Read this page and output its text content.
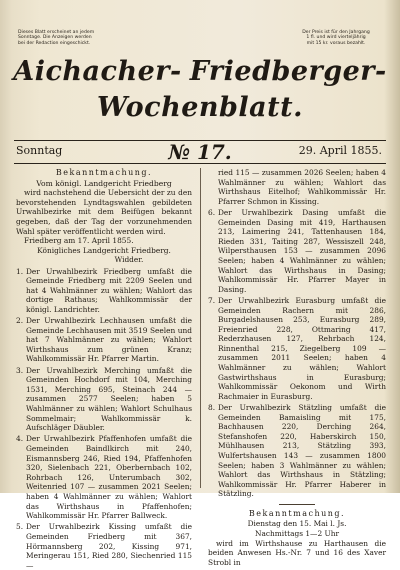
Dieses Blatt erscheinet an jedem
Sonntage. Die Anzeigen werden
bei der Redaction eingeschickt.
Der Preis ist für den Jahrgang
1 fl. und wird vierteljährig
mit 15 kr. voraus bezahlt.
Aichacher- Friedberger-
Wochenblatt.
Sonntag	№ 17.	29. April 1855.
Bekanntmachung.
Vom königl. Landgericht Friedberg
wird nachstehend die Uebersicht der zu den bevorstehenden Lyndtagswahlen gebildeten Urwahlbezirke mit dem Beifügen bekannt gegeben, daß der Tag der vorzunehmenden Wahl später veröffentlicht werden wird.
Friedberg am 17. April 1855.
Königliches Landgericht Friedberg.
Widder.
1. Der Urwahlbezirk Friedberg umfaßt die Gemeinde Friedberg mit 2209 Seelen und hat 4 Wahlmänner zu wählen; Wahlort das dortige Rathaus; Wahlkommissär der königl. Landrichter.
2. Der Urwahlbezirk Lechhausen umfaßt die Gemeinde Lechhausen mit 3519 Seelen und hat 7 Wahlmänner zu wählen; Wahlort Wirthshaus zum grünen Kranz; Wahlkommissär Hr. Pfarrer Martin.
3. Der Urwahlbezirk Merching umfaßt die Gemeinden Hochdorf mit 104, Merching 1531, Merching 695, Steinach 244 — zusammen 2577 Seelen; haben 5 Wahlmänner zu wählen; Wahlort Schulhaus Sommelmair; Wahlkommissär k. Aufschläger Däubler.
4. Der Urwahlbezirk Pfaffenhofen umfaßt die Gemeinden Baindlkirch mit 240, Eismannsberg 246, Ried 194, Pfaffenhofen 320, Sielenbach 221, Oberbernbach 102, Rohrbach 126, Unterumbach 302, Weitenried 107 — zusammen 2021 Seelen; haben 4 Wahlmänner zu wählen; Wahlort das Wirthshaus in Pfaffenhofen; Wahlkommissär Hr. Pfarrer Ballweck.
5. Der Urwahlbezirk Kissing umfaßt die Gemeinden Friedberg mit 367, Hörmannsberg 202, Kissing 971, Meringerau 151, Ried 280, Siechenried 115 —
ried 115 — zusammen 2026 Seelen; haben 4 Wahlmänner zu wählen; Wahlort das Wirthshaus Eitelhof; Wahlkommissär Hr. Pfarrer Schmon in Kissing.
6. Der Urwahlbezirk Dasing umfaßt die Gemeinden Dasing mit 419, Harthausen 213, Laimering 241, Tattenhausen 184, Rieden 331, Taiting 287, Wessiszell 248, Wilpersthausen 153 — zusammen 2096 Seelen; haben 4 Wahlmänner zu wählen; Wahlort das Wirthshaus in Dasing; Wahlkommissär Hr. Pfarrer Mayer in Dasing.
7. Der Urwahlbezirk Eurasburg umfaßt die Gemeinden Rachern mit 286, Burgadelshausen 253, Eurasburg 289, Freienried 228, Ottmaring 417, Rederzhausen 127, Rehrbach 124, Rinnenthal 215, Ziegelberg 109 — zusammen 2011 Seelen; haben 4 Wahlmänner zu wählen; Wahlort Gastwirthshaus in Eurasburg; Wahlkommissär Oekonom und Wirth Rachmaier in Eurasburg.
8. Der Urwahlbezirk Stätzling umfaßt die Gemeinden Bamaisling mit 175, Bachhausen 220, Derching 264, Stefanshofen 220, Haberskirch 150, Mühlhausen 213, Stätzling 393, Wulfertshausen 143 — zusammen 1800 Seelen; haben 3 Wahlmänner zu wählen; Wahlort das Wirthshaus in Stätzling; Wahlkommissär Hr. Pfarrer Haberer in Stätzling.
Bekanntmachung.
Dienstag den 15. Mai l. Js.
Nachmittags 1—2 Uhr
wird im Wirthshause zu Harthausen die beiden Anwesen Hs.-Nr. 7 und 16 des Xaver Strobl in
